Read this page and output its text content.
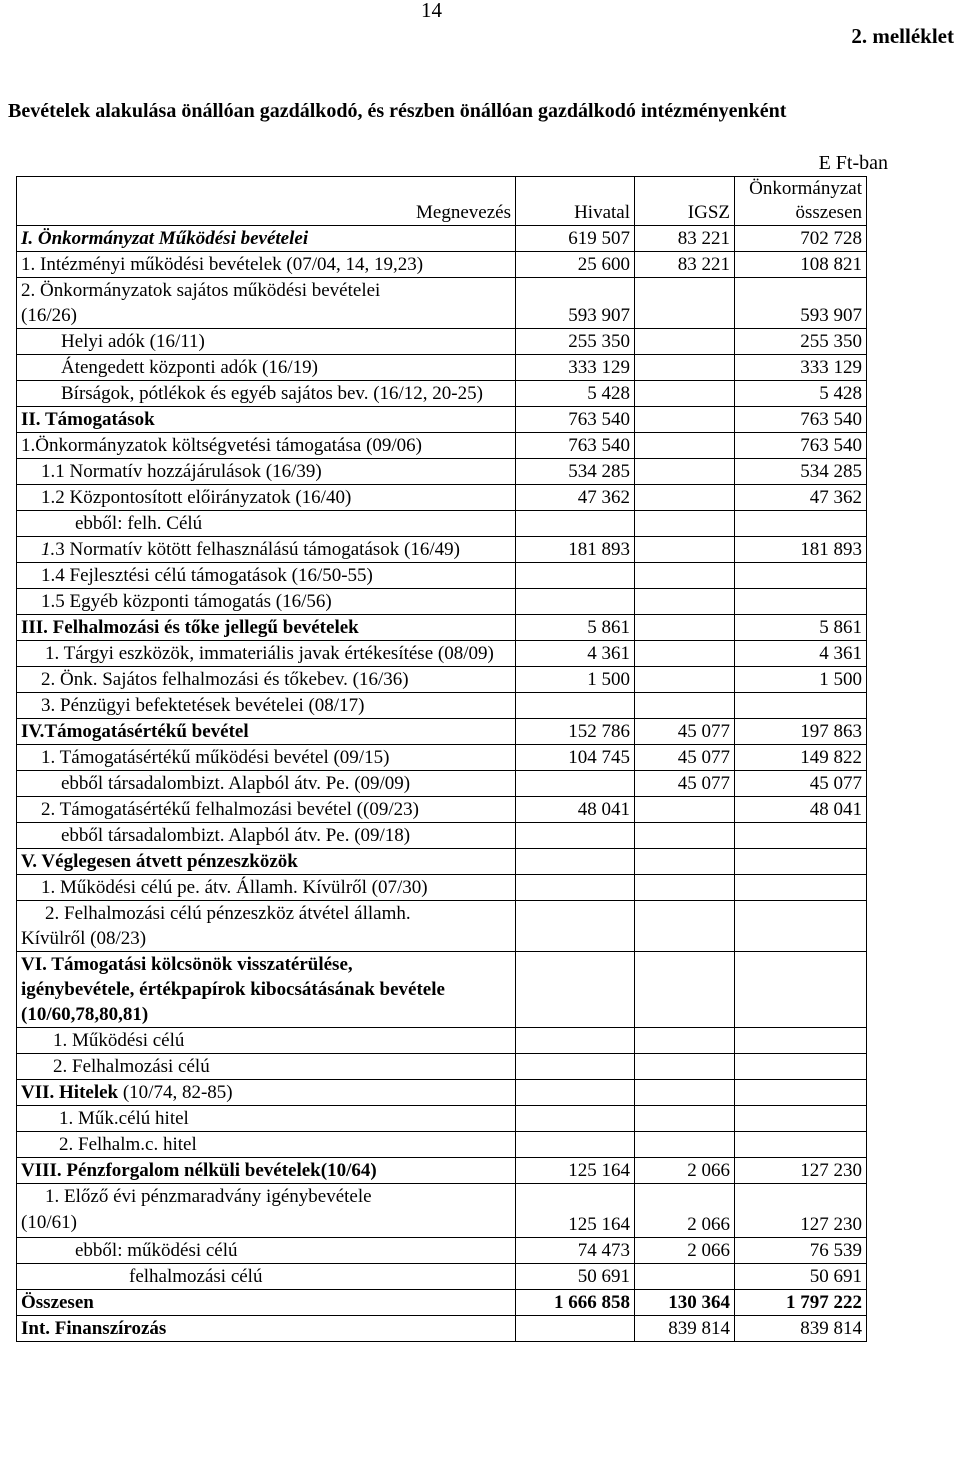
14
2. melléklet
Bevételek alakulása önállóan gazdálkodó, és részben önállóan gazdálkodó intézményenként
E Ft-ban
Megnevezés	Hivatal	IGSZ	Önkormányzat
összesen

I. Önkormányzat Működési bevételei	619 507	83 221	702 728
1. Intézményi működési bevételek (07/04, 14, 19,23)	25 600	83 221	108 821
2. Önkormányzatok sajátos működési bevételei (16/26)	593 907		593 907
Helyi adók (16/11)	255 350		255 350
Átengedett központi adók (16/19)	333 129		333 129
Bírságok, pótlékok és egyéb sajátos bev. (16/12, 20-25)	5 428		5 428
II. Támogatások	763 540		763 540
1.Önkormányzatok költségvetési támogatása (09/06)	763 540		763 540
1.1 Normatív hozzájárulások (16/39)	534 285		534 285
1.2 Központosított előirányzatok (16/40)	47 362		47 362
ebből: felh. Célú			
1.3 Normatív kötött felhasználású támogatások (16/49)	181 893		181 893
1.4 Fejlesztési célú támogatások (16/50-55)			
1.5 Egyéb központi támogatás (16/56)			
III. Felhalmozási és tőke jellegű bevételek	5 861		5 861
1. Tárgyi eszközök, immateriális javak értékesítése (08/09)	4 361		4 361
2. Önk. Sajátos felhalmozási és tőkebev. (16/36)	1 500		1 500
3. Pénzügyi befektetések bevételei (08/17)			
IV.Támogatásértékű bevétel	152 786	45 077	197 863
1. Támogatásértékű működési bevétel (09/15)	104 745	45 077	149 822
ebből társadalombizt. Alapból átv. Pe. (09/09)		45 077	45 077
2. Támogatásértékű felhalmozási bevétel ((09/23)	48 041		48 041
ebből társadalombizt. Alapból átv. Pe. (09/18)			
V. Véglegesen átvett pénzeszközök			
1. Működési célú pe. átv. Államh. Kívülről (07/30)			

2. Felhalmozási célú pénzeszköz átvétel államh.
Kívülről (08/23)			

VI. Támogatási kölcsönök visszatérülése, igénybevétele, értékpapírok kibocsátásának bevétele (10/60,78,80,81)			
1. Működési célú			
2. Felhalmozási célú			
VII. Hitelek (10/74, 82-85)			
1. Műk.célú hitel			
2. Felhalm.c. hitel			
VIII. Pénzforgalom nélküli bevételek(10/64)	125 164	2 066	127 230

1. Előző évi pénzmaradvány igénybevétele
(10/61)	125 164	2 066	127 230
ebből: működési célú	74 473	2 066	76 539
felhalmozási célú	50 691		50 691
Összesen	1 666 858	130 364	1 797 222
Int. Finanszírozás		839 814	839 814
